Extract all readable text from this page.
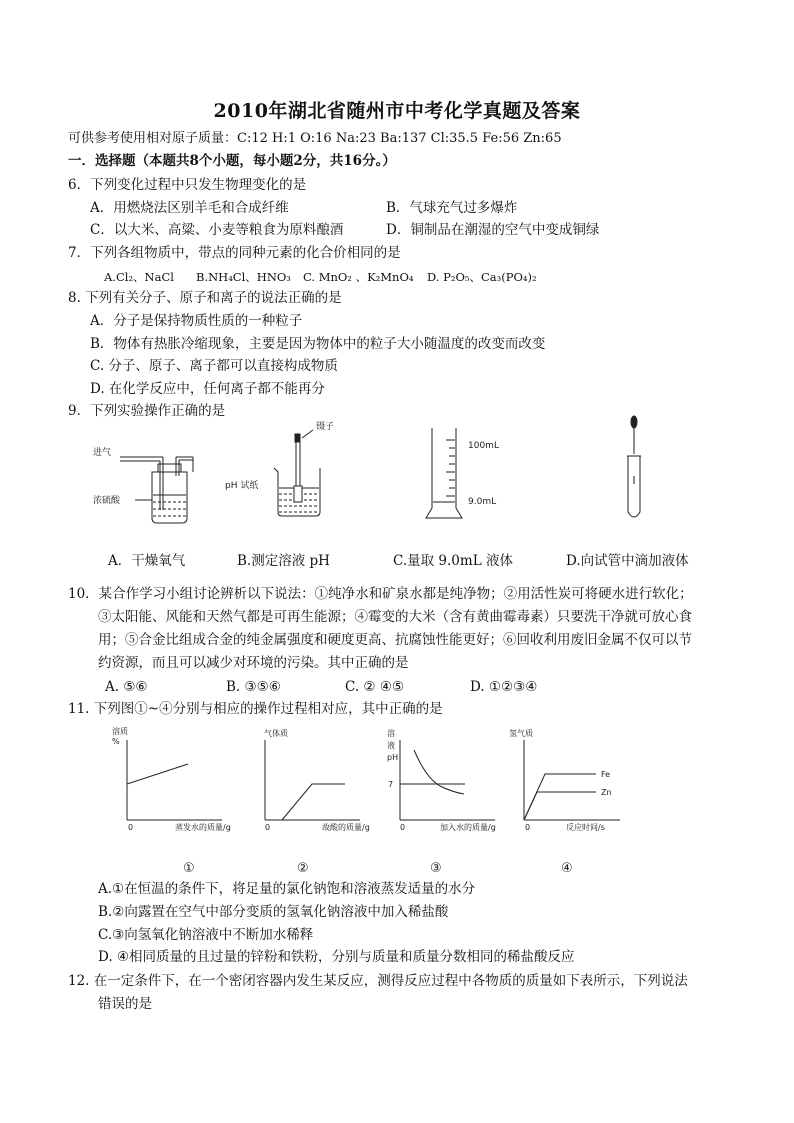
2010年湖北省随州市中考化学真题及答案
可供参考使用相对原子质量：C:12 H:1 O:16 Na:23 Ba:137 Cl:35.5 Fe:56 Zn:65
一．选择题（本题共8个小题，每小题2分，共16分。）
6．下列变化过程中只发生物理变化的是
A．用燃烧法区别羊毛和合成纤维	B．气球充气过多爆炸
C．以大米、高粱、小麦等粮食为原料酿酒	D．铜制品在潮湿的空气中变成铜绿
7．下列各组物质中，带点的同种元素的化合价相同的是
A.Cl₂、NaCl B.NH₄Cl、HNO₃ C. MnO₂ 、K₂MnO₄ D. P₂O₅、Ca₃(PO₄)₂
8. 下列有关分子、原子和离子的说法正确的是
A．分子是保持物质性质的一种粒子
B．物体有热胀冷缩现象，主要是因为物体中的粒子大小随温度的改变而改变
C. 分子、原子、离子都可以直接构成物质
D. 在化学反应中，任何离子都不能再分
9．下列实验操作正确的是
进气
浓硫酸
镊子
pH 试纸
100mL
9.0mL
A．干燥氧气	B.测定溶液 pH	C.量取 9.0mL 液体	D.向试管中滴加液体
10．某合作学习小组讨论辨析以下说法：①纯净水和矿泉水都是纯净物；②用活性炭可将硬水进行软化；
③太阳能、风能和天然气都是可再生能源；④霉变的大米（含有黄曲霉毒素）只要洗干净就可放心食
用；⑤合金比组成合金的纯金属强度和硬度更高、抗腐蚀性能更好；⑥回收利用废旧金属不仅可以节
约资源，而且可以减少对环境的污染。其中正确的是
A. ⑤⑥	B. ③⑤⑥	C. ② ④⑤	D. ①②③④
11. 下列图①~④分别与相应的操作过程相对应，其中正确的是
溶质
%
0	蒸发水的质量/g
①
气体质
0	故酸的质量/g
②
溶
液
pH
7
0	加入水的质量/g
③
氢气质
0	反应时间/s
Fe
Zn
④
A.①在恒温的条件下，将足量的氯化钠饱和溶液蒸发适量的水分
B.②向露置在空气中部分变质的氢氧化钠溶液中加入稀盐酸
C.③向氢氧化钠溶液中不断加水稀释
D. ④相同质量的且过量的锌粉和铁粉，分别与质量和质量分数相同的稀盐酸反应
12. 在一定条件下，在一个密闭容器内发生某反应，测得反应过程中各物质的质量如下表所示，下列说法
错误的是
